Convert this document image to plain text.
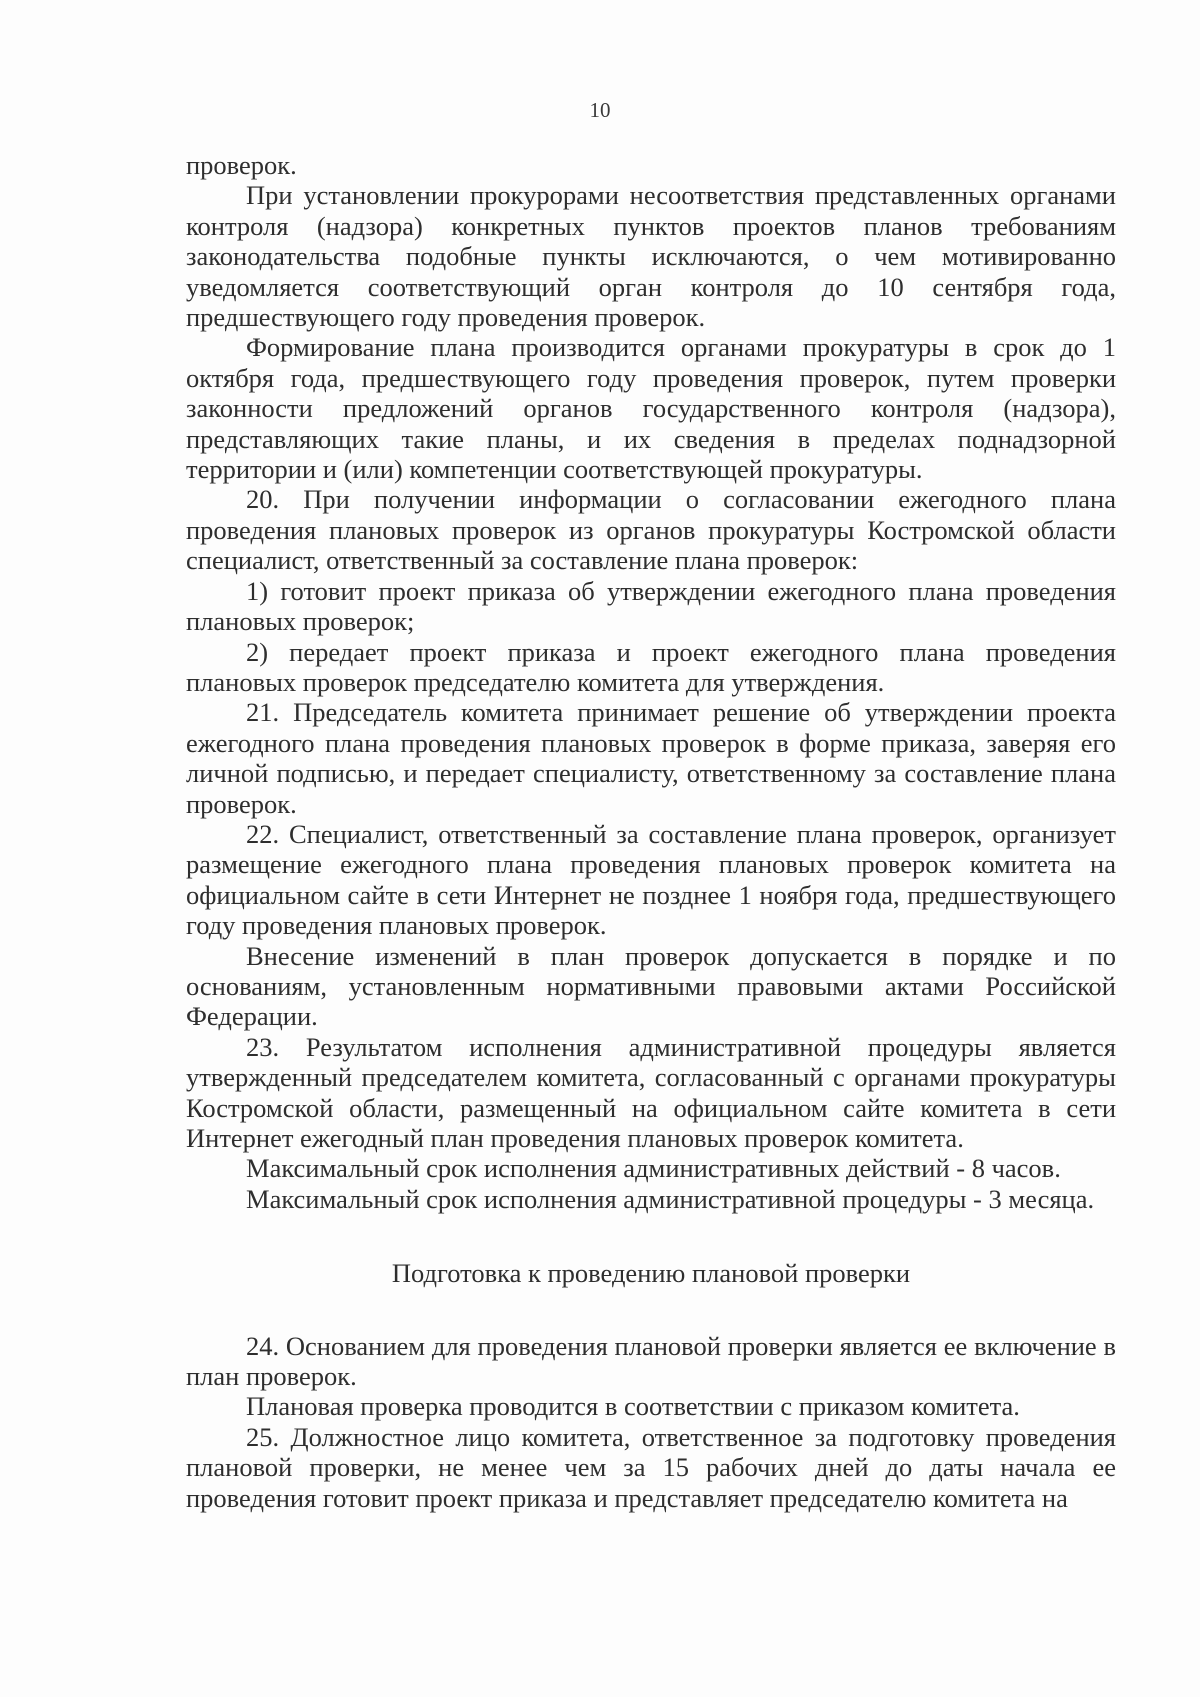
10

проверок.

При установлении прокурорами несоответствия представленных органами контроля (надзора) конкретных пунктов проектов планов требованиям законодательства подобные пункты исключаются, о чем мотивированно уведомляется соответствующий орган контроля до 10 сентября года, предшествующего году проведения проверок.

Формирование плана производится органами прокуратуры в срок до 1 октября года, предшествующего году проведения проверок, путем проверки законности предложений органов государственного контроля (надзора), представляющих такие планы, и их сведения в пределах поднадзорной территории и (или) компетенции соответствующей прокуратуры.

20. При получении информации о согласовании ежегодного плана проведения плановых проверок из органов прокуратуры Костромской области специалист, ответственный за составление плана проверок:

1) готовит проект приказа об утверждении ежегодного плана проведения плановых проверок;

2) передает проект приказа и проект ежегодного плана проведения плановых проверок председателю комитета для утверждения.

21. Председатель комитета принимает решение об утверждении проекта ежегодного плана проведения плановых проверок в форме приказа, заверяя его личной подписью, и передает специалисту, ответственному за составление плана проверок.

22. Специалист, ответственный за составление плана проверок, организует размещение ежегодного плана проведения плановых проверок комитета на официальном сайте в сети Интернет не позднее 1 ноября года, предшествующего году проведения плановых проверок.

Внесение изменений в план проверок допускается в порядке и по основаниям, установленным нормативными правовыми актами Российской Федерации.

23. Результатом исполнения административной процедуры является утвержденный председателем комитета, согласованный с органами прокуратуры Костромской области, размещенный на официальном сайте комитета в сети Интернет ежегодный план проведения плановых проверок комитета.

Максимальный срок исполнения административных действий - 8 часов.

Максимальный срок исполнения административной процедуры - 3 месяца.

Подготовка к проведению плановой проверки

24. Основанием для проведения плановой проверки является ее включение в план проверок.

Плановая проверка проводится в соответствии с приказом комитета.

25. Должностное лицо комитета, ответственное за подготовку проведения плановой проверки, не менее чем за 15 рабочих дней до даты начала ее проведения готовит проект приказа и представляет председателю комитета на
